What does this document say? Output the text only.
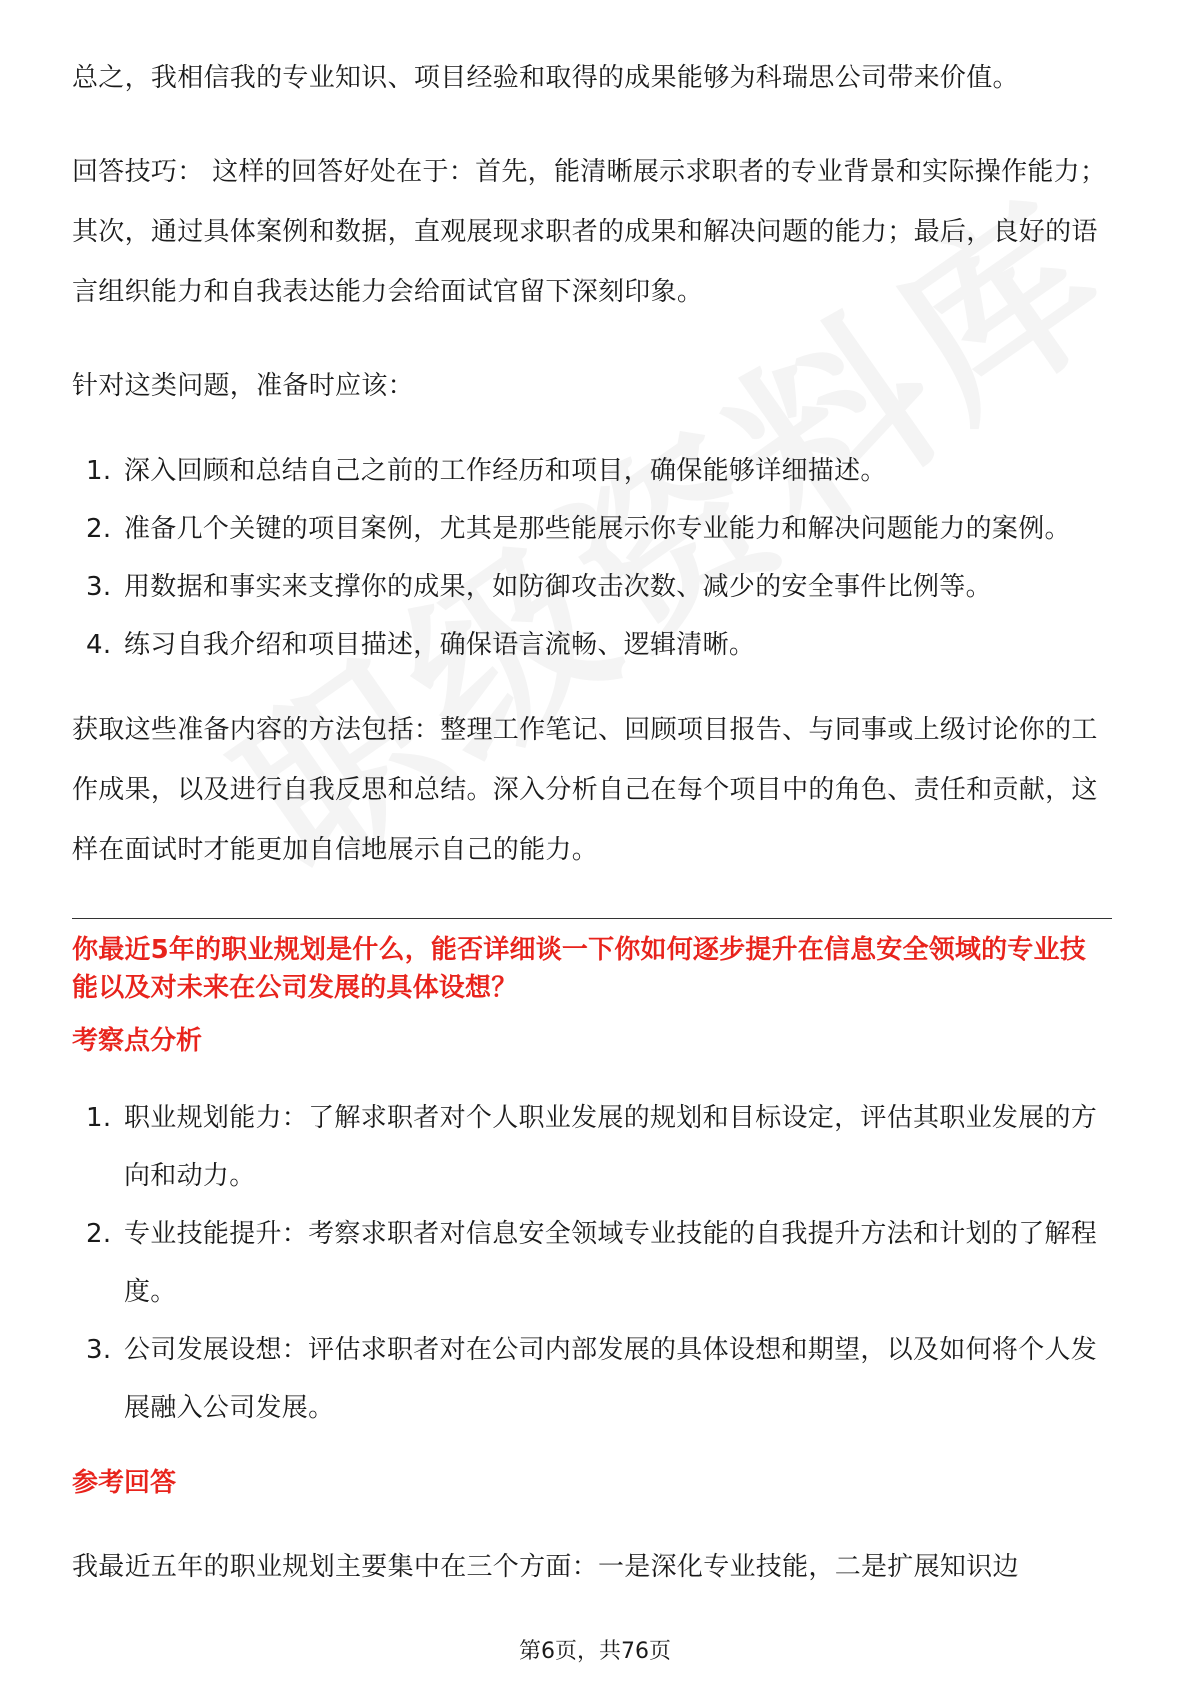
总之，我相信我的专业知识、项目经验和取得的成果能够为科瑞思公司带来价值。

回答技巧： 这样的回答好处在于：首先，能清晰展示求职者的专业背景和实际操作能力；其次，通过具体案例和数据，直观展现求职者的成果和解决问题的能力；最后，良好的语言组织能力和自我表达能力会给面试官留下深刻印象。

针对这类问题，准备时应该：

1. 深入回顾和总结自己之前的工作经历和项目，确保能够详细描述。
2. 准备几个关键的项目案例，尤其是那些能展示你专业能力和解决问题能力的案例。
3. 用数据和事实来支撑你的成果，如防御攻击次数、减少的安全事件比例等。
4. 练习自我介绍和项目描述，确保语言流畅、逻辑清晰。

获取这些准备内容的方法包括：整理工作笔记、回顾项目报告、与同事或上级讨论你的工作成果，以及进行自我反思和总结。深入分析自己在每个项目中的角色、责任和贡献，这样在面试时才能更加自信地展示自己的能力。

你最近5年的职业规划是什么，能否详细谈一下你如何逐步提升在信息安全领域的专业技能以及对未来在公司发展的具体设想？
考察点分析
1. 职业规划能力：了解求职者对个人职业发展的规划和目标设定，评估其职业发展的方向和动力。
2. 专业技能提升：考察求职者对信息安全领域专业技能的自我提升方法和计划的了解程度。
3. 公司发展设想：评估求职者对在公司内部发展的具体设想和期望，以及如何将个人发展融入公司发展。
参考回答

我最近五年的职业规划主要集中在三个方面：一是深化专业技能，二是扩展知识边

第6页，共76页
